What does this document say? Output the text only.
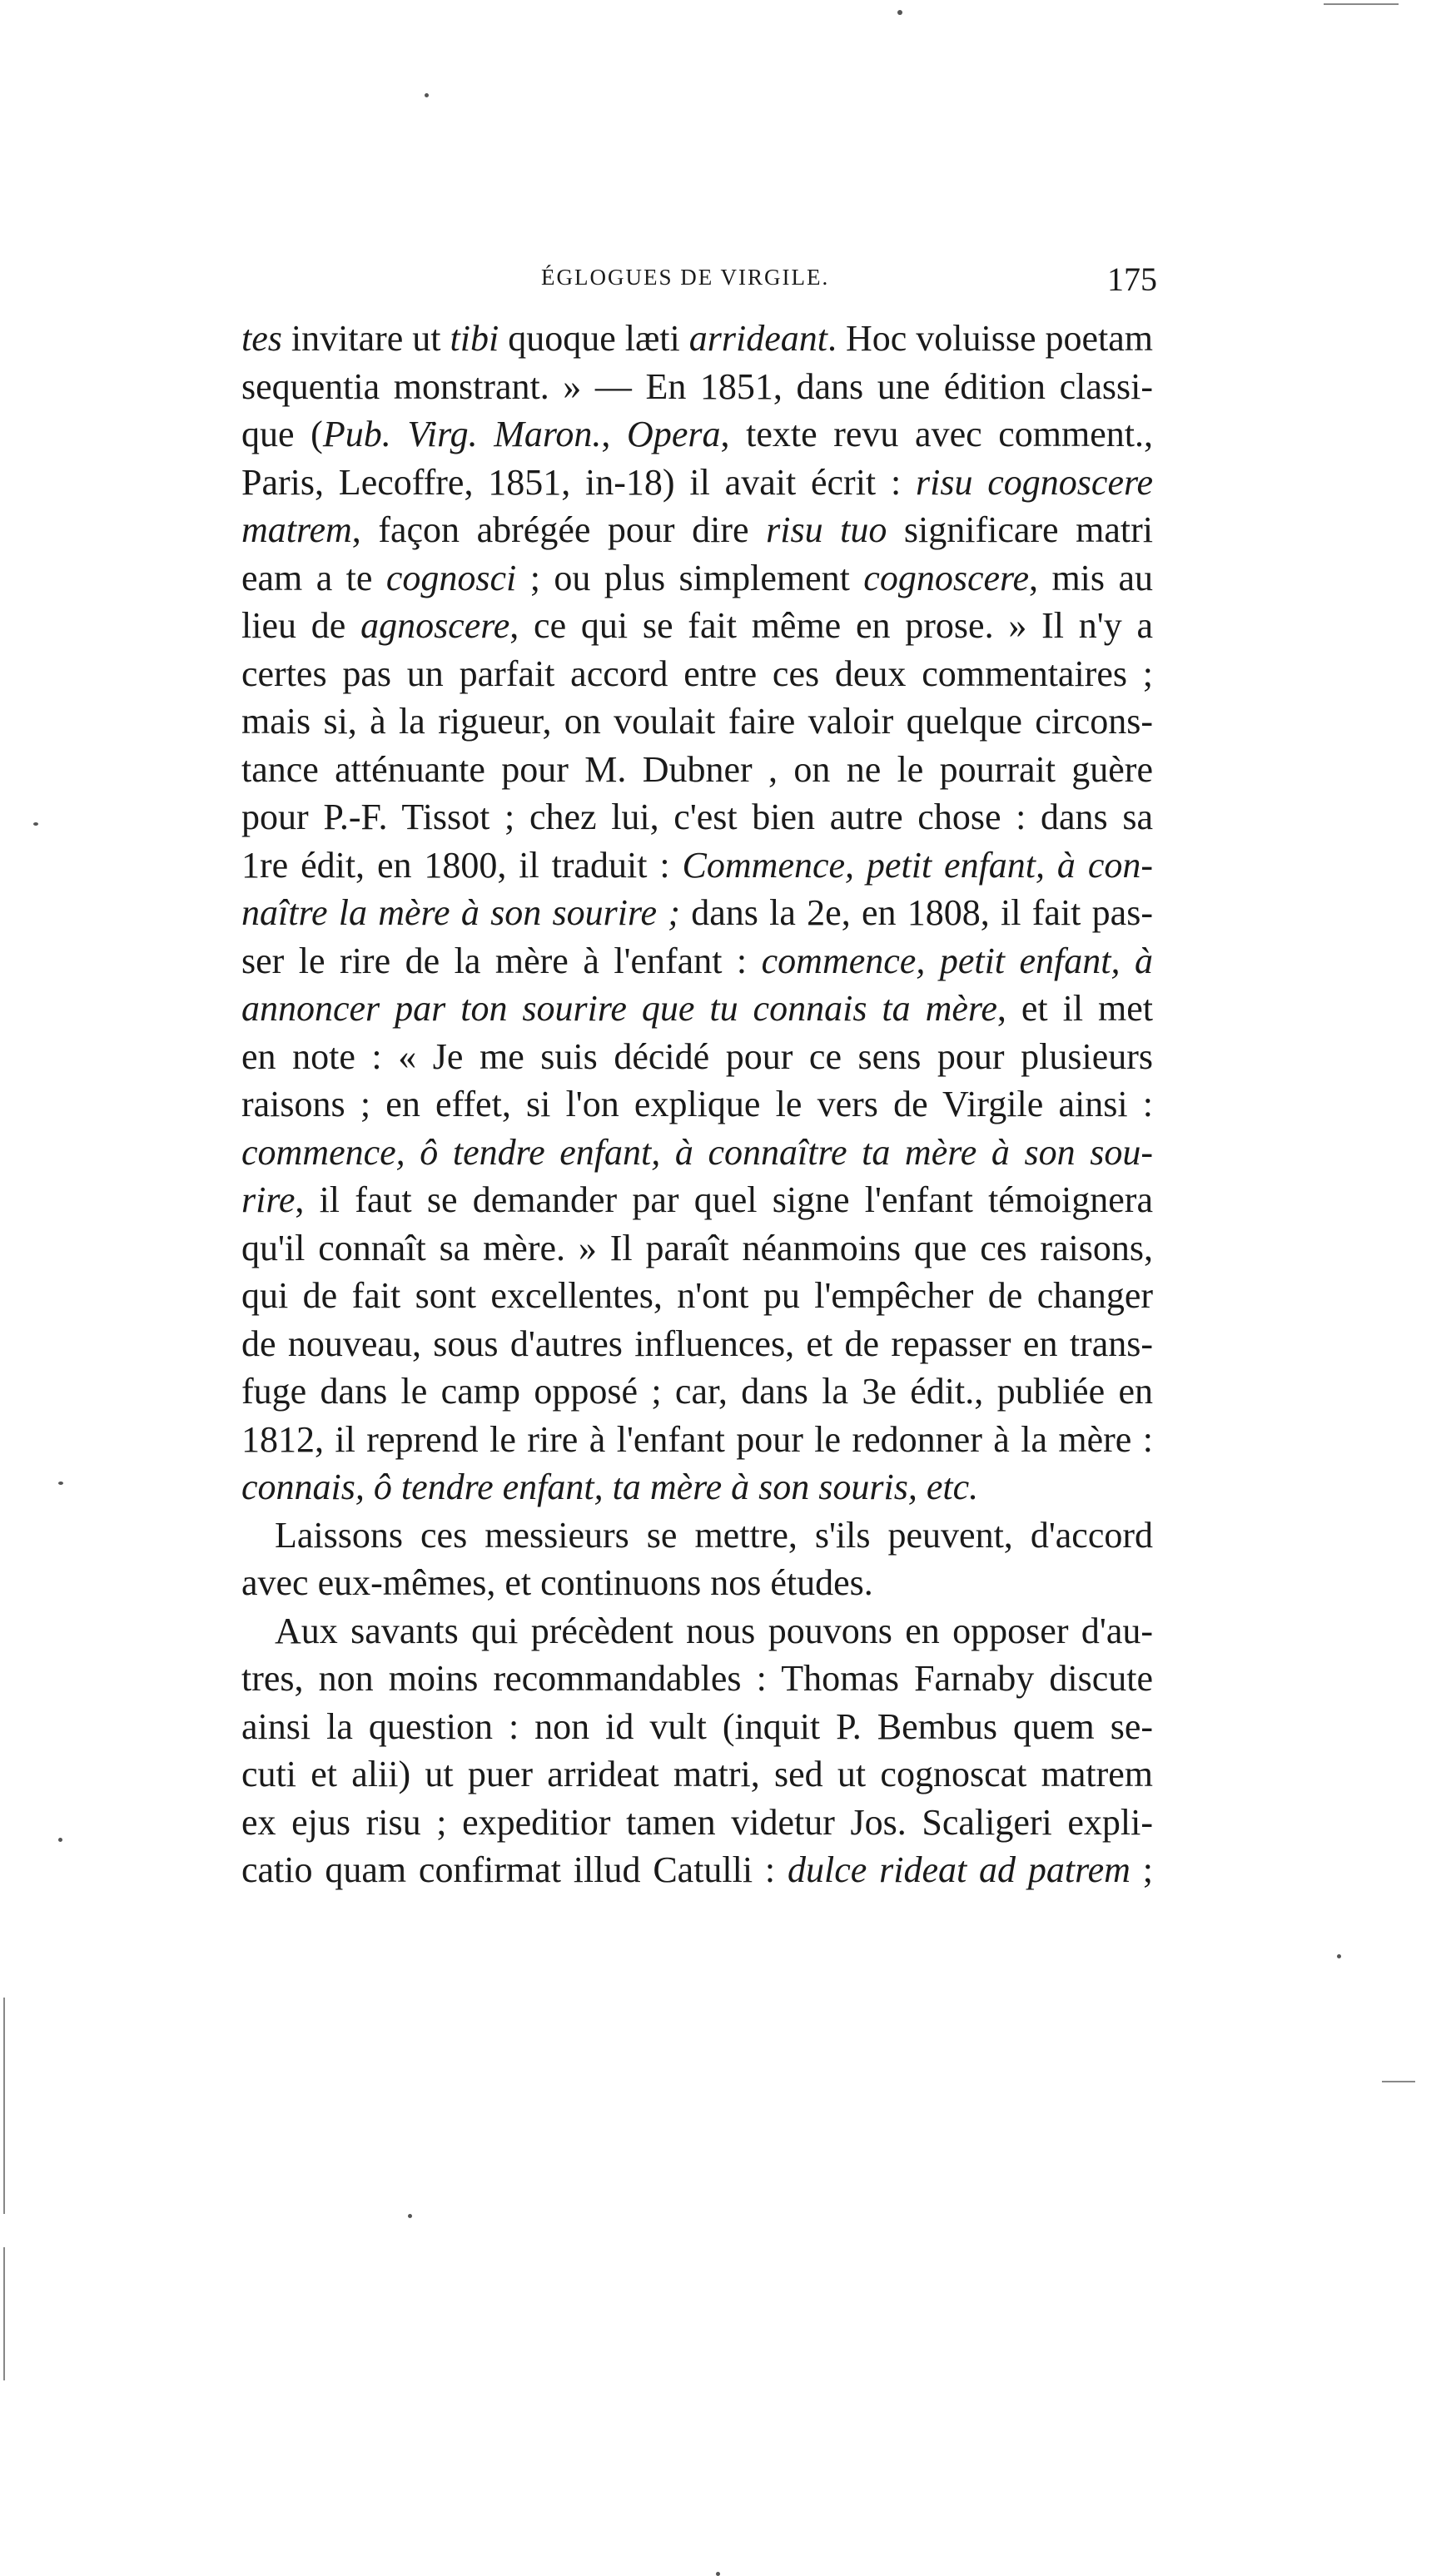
ÉGLOGUES DE VIRGILE.	175
tes invitare ut tibi quoque læti arrideant. Hoc voluisse poetam
sequentia monstrant. » — En 1851, dans une édition classi-
que (Pub. Virg. Maron., Opera, texte revu avec comment.,
Paris, Lecoffre, 1851, in-18) il avait écrit : risu cognoscere
matrem, façon abrégée pour dire risu tuo significare matri
eam a te cognosci ; ou plus simplement cognoscere, mis au
lieu de agnoscere, ce qui se fait même en prose. » Il n'y a
certes pas un parfait accord entre ces deux commentaires ;
mais si, à la rigueur, on voulait faire valoir quelque circons-
tance atténuante pour M. Dubner , on ne le pourrait guère
pour P.-F. Tissot ; chez lui, c'est bien autre chose : dans sa
1re édit, en 1800, il traduit : Commence, petit enfant, à con-
naître la mère à son sourire ; dans la 2e, en 1808, il fait pas-
ser le rire de la mère à l'enfant : commence, petit enfant, à
annoncer par ton sourire que tu connais ta mère, et il met
en note : « Je me suis décidé pour ce sens pour plusieurs
raisons ; en effet, si l'on explique le vers de Virgile ainsi :
commence, ô tendre enfant, à connaître ta mère à son sou-
rire, il faut se demander par quel signe l'enfant témoignera
qu'il connaît sa mère. » Il paraît néanmoins que ces raisons,
qui de fait sont excellentes, n'ont pu l'empêcher de changer
de nouveau, sous d'autres influences, et de repasser en trans-
fuge dans le camp opposé ; car, dans la 3e édit., publiée en
1812, il reprend le rire à l'enfant pour le redonner à la mère :
connais, ô tendre enfant, ta mère à son souris, etc.
Laissons ces messieurs se mettre, s'ils peuvent, d'accord
avec eux-mêmes, et continuons nos études.
Aux savants qui précèdent nous pouvons en opposer d'au-
tres, non moins recommandables : Thomas Farnaby discute
ainsi la question : non id vult (inquit P. Bembus quem se-
cuti et alii) ut puer arrideat matri, sed ut cognoscat matrem
ex ejus risu ; expeditior tamen videtur Jos. Scaligeri expli-
catio quam confirmat illud Catulli : dulce rideat ad patrem ;
